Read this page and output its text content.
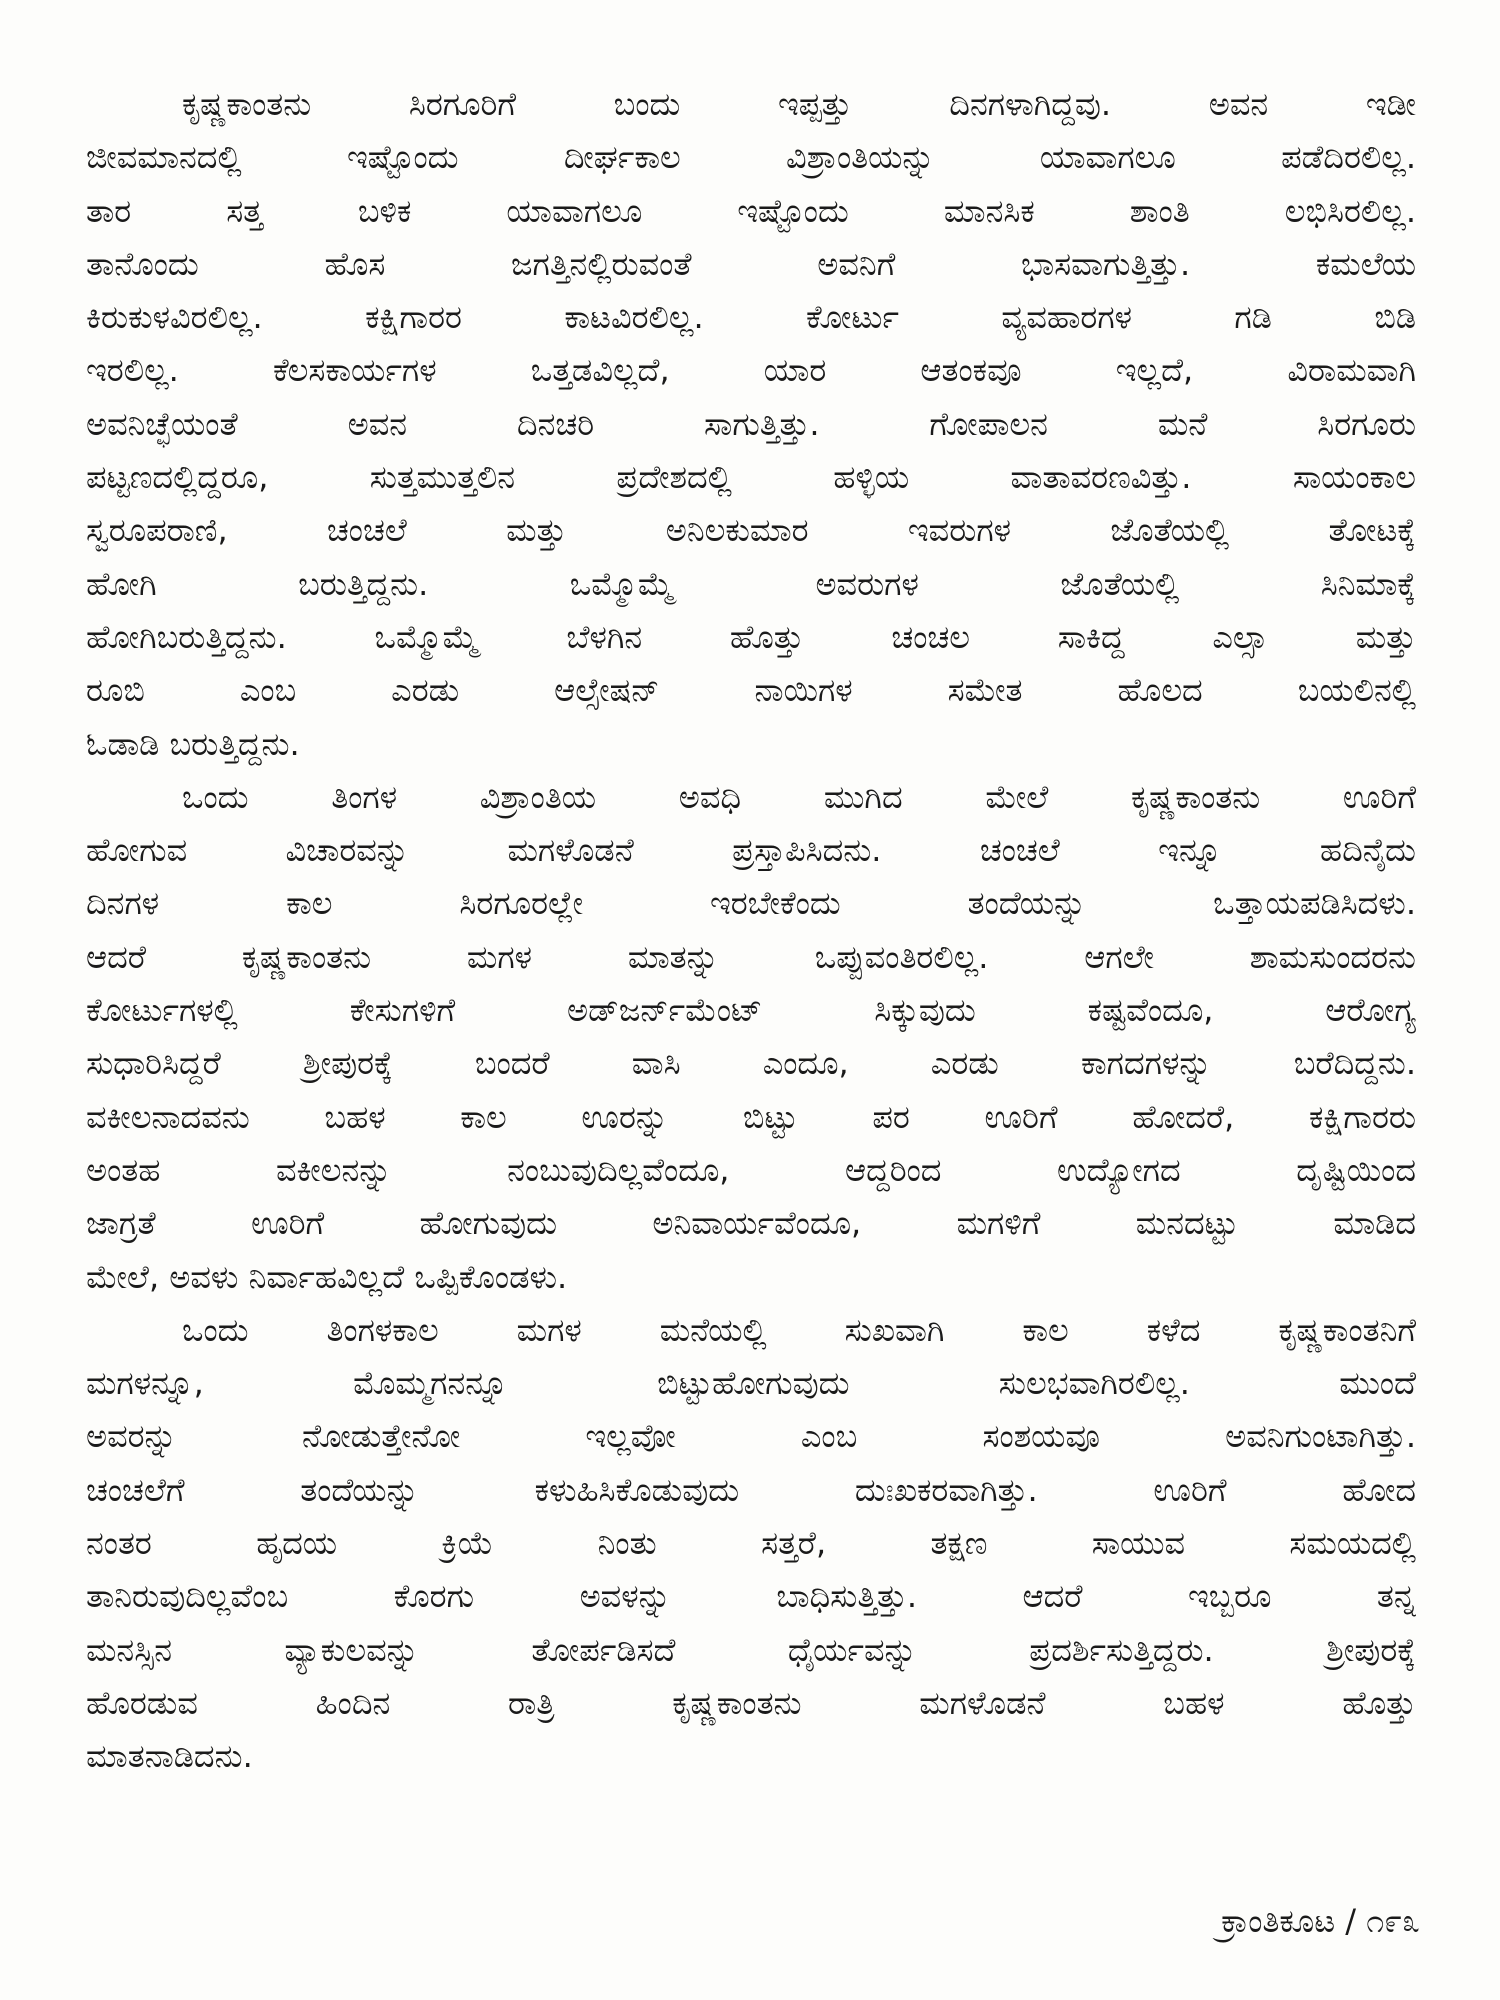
ಕೃಷ್ಣಕಾಂತನು ಸಿರಗೂರಿಗೆ ಬಂದು ಇಪ್ಪತ್ತು ದಿನಗಳಾಗಿದ್ದವು. ಅವನ ಇಡೀ
ಜೀವಮಾನದಲ್ಲಿ ಇಷ್ಟೊಂದು ದೀರ್ಘಕಾಲ ವಿಶ್ರಾಂತಿಯನ್ನು ಯಾವಾಗಲೂ ಪಡೆದಿರಲಿಲ್ಲ.
ತಾರ ಸತ್ತ ಬಳಿಕ ಯಾವಾಗಲೂ ಇಷ್ಟೊಂದು ಮಾನಸಿಕ ಶಾಂತಿ ಲಭಿಸಿರಲಿಲ್ಲ.
ತಾನೊಂದು ಹೊಸ ಜಗತ್ತಿನಲ್ಲಿರುವಂತೆ ಅವನಿಗೆ ಭಾಸವಾಗುತ್ತಿತ್ತು. ಕಮಲೆಯ
ಕಿರುಕುಳವಿರಲಿಲ್ಲ. ಕಕ್ಷಿಗಾರರ ಕಾಟವಿರಲಿಲ್ಲ. ಕೋರ್ಟು ವ್ಯವಹಾರಗಳ ಗಡಿ ಬಿಡಿ
ಇರಲಿಲ್ಲ. ಕೆಲಸಕಾರ್ಯಗಳ ಒತ್ತಡವಿಲ್ಲದೆ, ಯಾರ ಆತಂಕವೂ ಇಲ್ಲದೆ, ವಿರಾಮವಾಗಿ
ಅವನಿಚ್ಛೆಯಂತೆ ಅವನ ದಿನಚರಿ ಸಾಗುತ್ತಿತ್ತು. ಗೋಪಾಲನ ಮನೆ ಸಿರಗೂರು
ಪಟ್ಟಣದಲ್ಲಿದ್ದರೂ, ಸುತ್ತಮುತ್ತಲಿನ ಪ್ರದೇಶದಲ್ಲಿ ಹಳ್ಳಿಯ ವಾತಾವರಣವಿತ್ತು. ಸಾಯಂಕಾಲ
ಸ್ವರೂಪರಾಣಿ, ಚಂಚಲೆ ಮತ್ತು ಅನಿಲಕುಮಾರ ಇವರುಗಳ ಜೊತೆಯಲ್ಲಿ ತೋಟಕ್ಕೆ
ಹೋಗಿ ಬರುತ್ತಿದ್ದನು. ಒಮ್ಮೊಮ್ಮೆ ಅವರುಗಳ ಜೊತೆಯಲ್ಲಿ ಸಿನಿಮಾಕ್ಕೆ
ಹೋಗಿಬರುತ್ತಿದ್ದನು. ಒಮ್ಮೊಮ್ಮೆ ಬೆಳಗಿನ ಹೊತ್ತು ಚಂಚಲ ಸಾಕಿದ್ದ ಎಲ್ಸಾ ಮತ್ತು
ರೂಬಿ ಎಂಬ ಎರಡು ಆಲ್ಸೇಷನ್ ನಾಯಿಗಳ ಸಮೇತ ಹೊಲದ ಬಯಲಿನಲ್ಲಿ
ಓಡಾಡಿ ಬರುತ್ತಿದ್ದನು.
ಒಂದು ತಿಂಗಳ ವಿಶ್ರಾಂತಿಯ ಅವಧಿ ಮುಗಿದ ಮೇಲೆ ಕೃಷ್ಣಕಾಂತನು ಊರಿಗೆ
ಹೋಗುವ ವಿಚಾರವನ್ನು ಮಗಳೊಡನೆ ಪ್ರಸ್ತಾಪಿಸಿದನು. ಚಂಚಲೆ ಇನ್ನೂ ಹದಿನೈದು
ದಿನಗಳ ಕಾಲ ಸಿರಗೂರಲ್ಲೇ ಇರಬೇಕೆಂದು ತಂದೆಯನ್ನು ಒತ್ತಾಯಪಡಿಸಿದಳು.
ಆದರೆ ಕೃಷ್ಣಕಾಂತನು ಮಗಳ ಮಾತನ್ನು ಒಪ್ಪುವಂತಿರಲಿಲ್ಲ. ಆಗಲೇ ಶಾಮಸುಂದರನು
ಕೋರ್ಟುಗಳಲ್ಲಿ ಕೇಸುಗಳಿಗೆ ಅಡ್‌ಜರ್ನ್‌ಮೆಂಟ್ ಸಿಕ್ಕುವುದು ಕಷ್ಟವೆಂದೂ, ಆರೋಗ್ಯ
ಸುಧಾರಿಸಿದ್ದರೆ ಶ್ರೀಪುರಕ್ಕೆ ಬಂದರೆ ವಾಸಿ ಎಂದೂ, ಎರಡು ಕಾಗದಗಳನ್ನು ಬರೆದಿದ್ದನು.
ವಕೀಲನಾದವನು ಬಹಳ ಕಾಲ ಊರನ್ನು ಬಿಟ್ಟು ಪರ ಊರಿಗೆ ಹೋದರೆ, ಕಕ್ಷಿಗಾರರು
ಅಂತಹ ವಕೀಲನನ್ನು ನಂಬುವುದಿಲ್ಲವೆಂದೂ, ಆದ್ದರಿಂದ ಉದ್ಯೋಗದ ದೃಷ್ಟಿಯಿಂದ
ಜಾಗ್ರತೆ ಊರಿಗೆ ಹೋಗುವುದು ಅನಿವಾರ್ಯವೆಂದೂ, ಮಗಳಿಗೆ ಮನದಟ್ಟು ಮಾಡಿದ
ಮೇಲೆ, ಅವಳು ನಿರ್ವಾಹವಿಲ್ಲದೆ ಒಪ್ಪಿಕೊಂಡಳು.
ಒಂದು ತಿಂಗಳಕಾಲ ಮಗಳ ಮನೆಯಲ್ಲಿ ಸುಖವಾಗಿ ಕಾಲ ಕಳೆದ ಕೃಷ್ಣಕಾಂತನಿಗೆ
ಮಗಳನ್ನೂ, ಮೊಮ್ಮಗನನ್ನೂ ಬಿಟ್ಟುಹೋಗುವುದು ಸುಲಭವಾಗಿರಲಿಲ್ಲ. ಮುಂದೆ
ಅವರನ್ನು ನೋಡುತ್ತೇನೋ ಇಲ್ಲವೋ ಎಂಬ ಸಂಶಯವೂ ಅವನಿಗುಂಟಾಗಿತ್ತು.
ಚಂಚಲೆಗೆ ತಂದೆಯನ್ನು ಕಳುಹಿಸಿಕೊಡುವುದು ದುಃಖಕರವಾಗಿತ್ತು. ಊರಿಗೆ ಹೋದ
ನಂತರ ಹೃದಯ ಕ್ರಿಯೆ ನಿಂತು ಸತ್ತರೆ, ತಕ್ಷಣ ಸಾಯುವ ಸಮಯದಲ್ಲಿ
ತಾನಿರುವುದಿಲ್ಲವೆಂಬ ಕೊರಗು ಅವಳನ್ನು ಬಾಧಿಸುತ್ತಿತ್ತು. ಆದರೆ ಇಬ್ಬರೂ ತನ್ನ
ಮನಸ್ಸಿನ ವ್ಯಾಕುಲವನ್ನು ತೋರ್ಪಡಿಸದೆ ಧೈರ್ಯವನ್ನು ಪ್ರದರ್ಶಿಸುತ್ತಿದ್ದರು. ಶ್ರೀಪುರಕ್ಕೆ
ಹೊರಡುವ ಹಿಂದಿನ ರಾತ್ರಿ ಕೃಷ್ಣಕಾಂತನು ಮಗಳೊಡನೆ ಬಹಳ ಹೊತ್ತು
ಮಾತನಾಡಿದನು.
ಕ್ರಾಂತಿಕೂಟ / ೧೯೩
